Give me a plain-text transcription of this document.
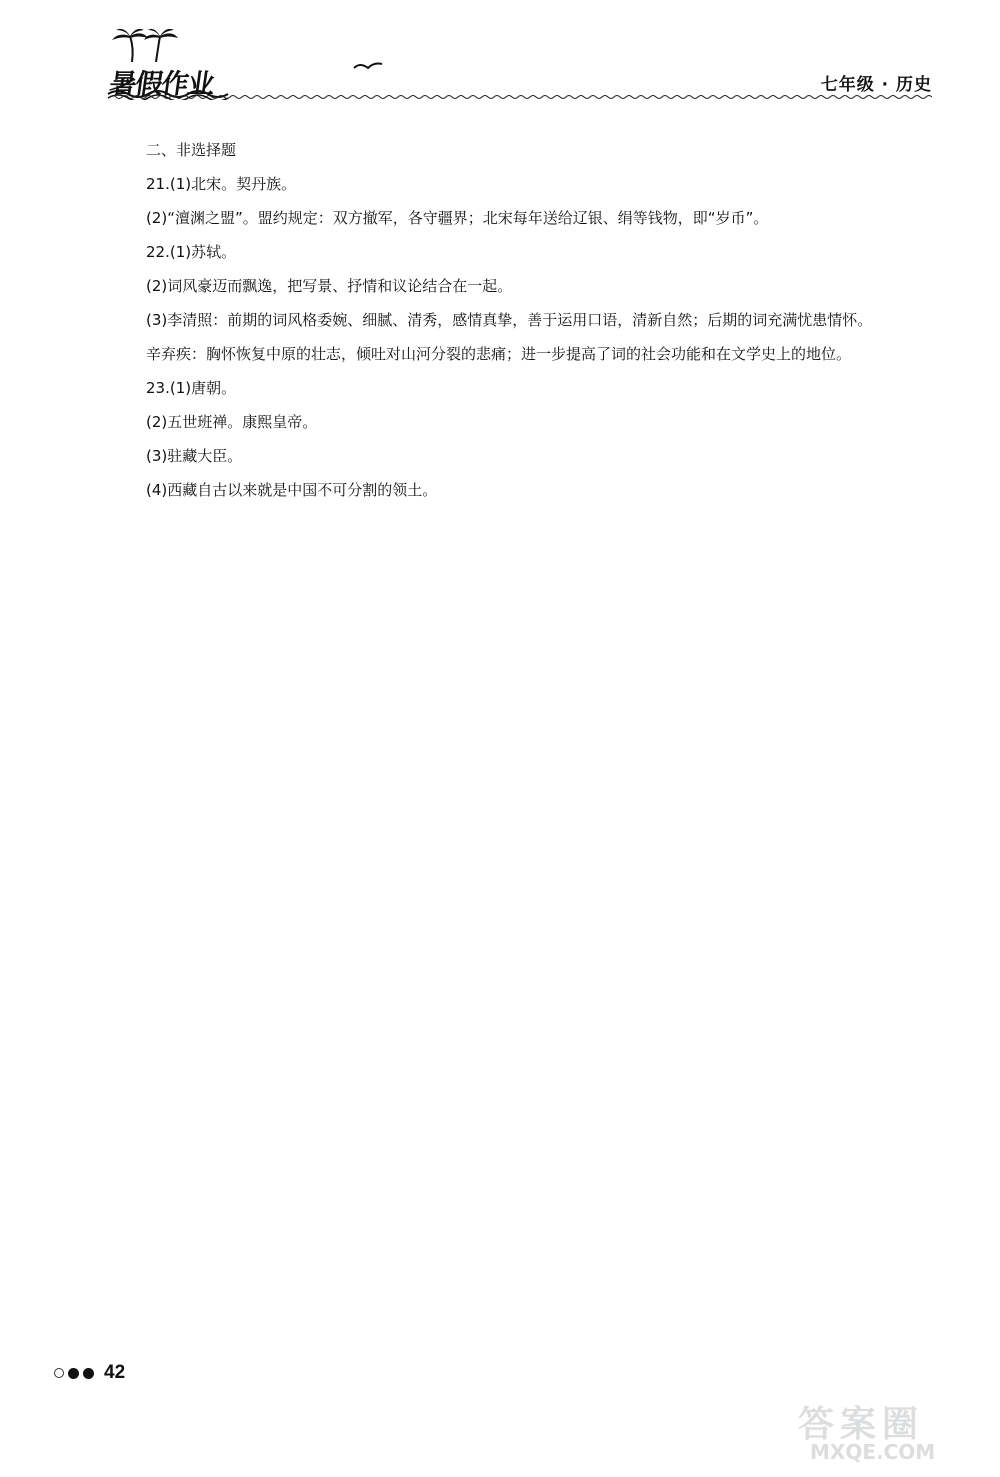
暑假作业	七年级 · 历史

二、非选择题

21.(1)北宋。契丹族。

(2)“澶渊之盟”。盟约规定：双方撤军，各守疆界；北宋每年送给辽银、绢等钱物，即“岁币”。

22.(1)苏轼。

(2)词风豪迈而飘逸，把写景、抒情和议论结合在一起。

(3)李清照：前期的词风格委婉、细腻、清秀，感情真挚，善于运用口语，清新自然；后期的词充满忧患情怀。

辛弃疾：胸怀恢复中原的壮志，倾吐对山河分裂的悲痛；进一步提高了词的社会功能和在文学史上的地位。

23.(1)唐朝。

(2)五世班禅。康熙皇帝。

(3)驻藏大臣。

(4)西藏自古以来就是中国不可分割的领土。

42
答案圈
MXQE.COM
